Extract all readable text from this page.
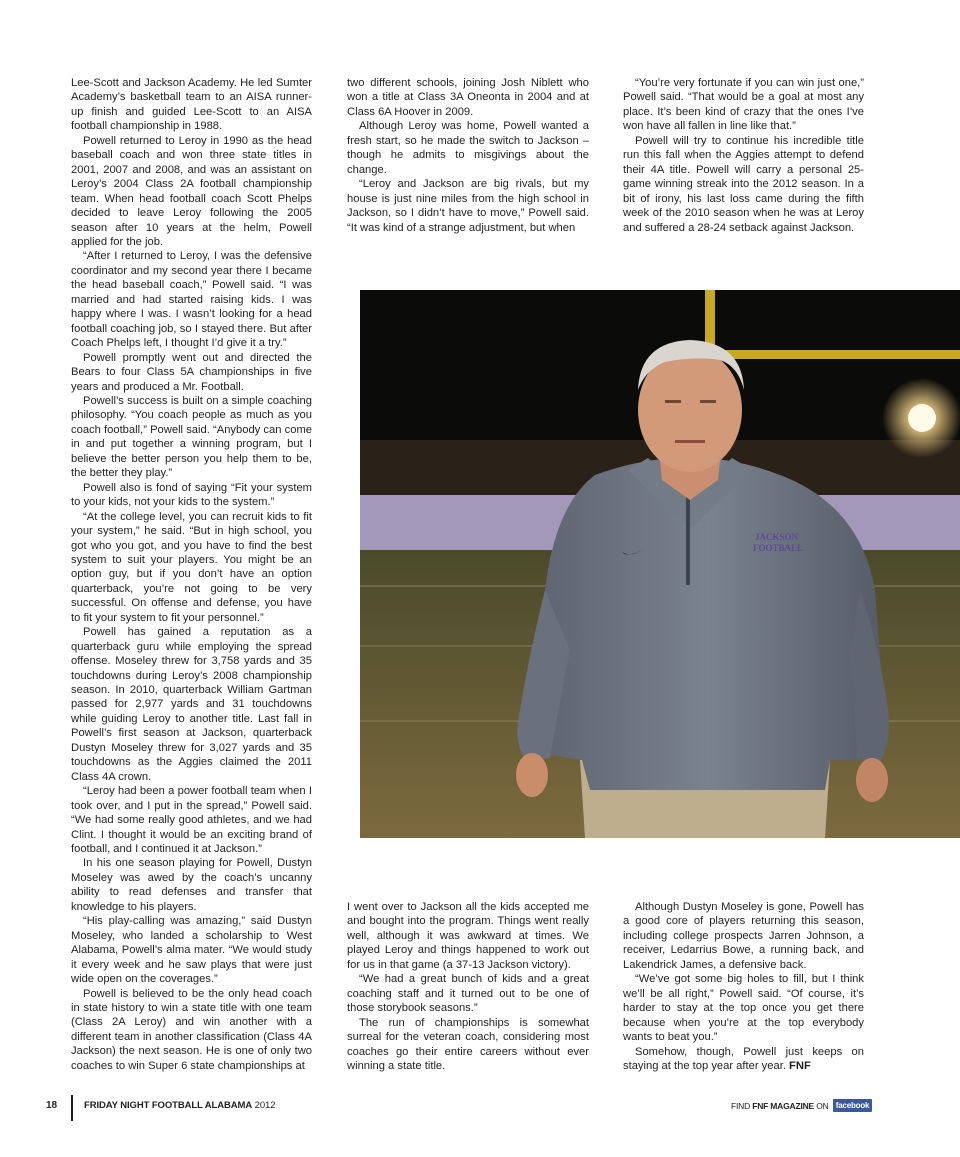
Lee-Scott and Jackson Academy. He led Sumter Academy’s basketball team to an AISA runner-up finish and guided Lee-Scott to an AISA football championship in 1988.

Powell returned to Leroy in 1990 as the head baseball coach and won three state titles in 2001, 2007 and 2008, and was an assistant on Leroy’s 2004 Class 2A football championship team. When head football coach Scott Phelps decided to leave Leroy following the 2005 season after 10 years at the helm, Powell applied for the job.

“After I returned to Leroy, I was the defensive coordinator and my second year there I became the head baseball coach,” Powell said. “I was married and had started raising kids. I was happy where I was. I wasn’t looking for a head football coaching job, so I stayed there. But after Coach Phelps left, I thought I’d give it a try.”

Powell promptly went out and directed the Bears to four Class 5A championships in five years and produced a Mr. Football.

Powell’s success is built on a simple coaching philosophy. “You coach people as much as you coach football,” Powell said. “Anybody can come in and put together a winning program, but I believe the better person you help them to be, the better they play.”

Powell also is fond of saying “Fit your system to your kids, not your kids to the system.”

“At the college level, you can recruit kids to fit your system,” he said. “But in high school, you got who you got, and you have to find the best system to suit your players. You might be an option guy, but if you don’t have an option quarterback, you’re not going to be very successful. On offense and defense, you have to fit your system to fit your personnel.”

Powell has gained a reputation as a quarterback guru while employing the spread offense. Moseley threw for 3,758 yards and 35 touchdowns during Leroy’s 2008 championship season. In 2010, quarterback William Gartman passed for 2,977 yards and 31 touchdowns while guiding Leroy to another title. Last fall in Powell’s first season at Jackson, quarterback Dustyn Moseley threw for 3,027 yards and 35 touchdowns as the Aggies claimed the 2011 Class 4A crown.

“Leroy had been a power football team when I took over, and I put in the spread,” Powell said. “We had some really good athletes, and we had Clint. I thought it would be an exciting brand of football, and I continued it at Jackson.”

In his one season playing for Powell, Dustyn Moseley was awed by the coach’s uncanny ability to read defenses and transfer that knowledge to his players.

“His play-calling was amazing,” said Dustyn Moseley, who landed a scholarship to West Alabama, Powell’s alma mater. “We would study it every week and he saw plays that were just wide open on the coverages.”

Powell is believed to be the only head coach in state history to win a state title with one team (Class 2A Leroy) and win another with a different team in another classification (Class 4A Jackson) the next season. He is one of only two coaches to win Super 6 state championships at

two different schools, joining Josh Niblett who won a title at Class 3A Oneonta in 2004 and at Class 6A Hoover in 2009.

Although Leroy was home, Powell wanted a fresh start, so he made the switch to Jackson – though he admits to misgivings about the change.

“Leroy and Jackson are big rivals, but my house is just nine miles from the high school in Jackson, so I didn’t have to move,” Powell said. “It was kind of a strange adjustment, but when

“You’re very fortunate if you can win just one,” Powell said. “That would be a goal at most any place. It’s been kind of crazy that the ones I’ve won have all fallen in line like that.”

Powell will try to continue his incredible title run this fall when the Aggies attempt to defend their 4A title. Powell will carry a personal 25-game winning streak into the 2012 season. In a bit of irony, his last loss came during the fifth week of the 2010 season when he was at Leroy and suffered a 28-24 setback against Jackson.

JACKSON
FOOTBALL

I went over to Jackson all the kids accepted me and bought into the program. Things went really well, although it was awkward at times. We played Leroy and things happened to work out for us in that game (a 37-13 Jackson victory).

“We had a great bunch of kids and a great coaching staff and it turned out to be one of those storybook seasons.”

The run of championships is somewhat surreal for the veteran coach, considering most coaches go their entire careers without ever winning a state title.

Although Dustyn Moseley is gone, Powell has a good core of players returning this season, including college prospects Jarren Johnson, a receiver, Ledarrius Bowe, a running back, and Lakendrick James, a defensive back.

“We’ve got some big holes to fill, but I think we’ll be all right,” Powell said. “Of course, it’s harder to stay at the top once you get there because when you’re at the top everybody wants to beat you.”

Somehow, though, Powell just keeps on staying at the top year after year. FNF

18	FRIDAY NIGHT FOOTBALL ALABAMA 2012	FIND FNF MAGAZINE ON facebook
